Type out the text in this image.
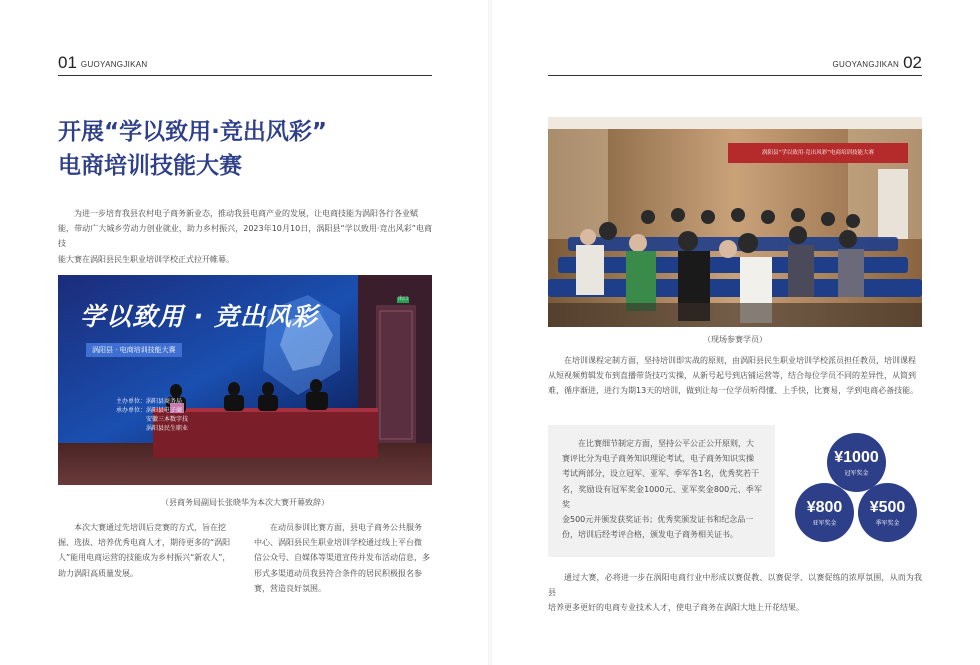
01 GUOYANGJIKAN	GUOYANGJIKAN 02
开展“学以致用·竞出风彩”
电商培训技能大赛
为进一步培育我县农村电子商务新业态，推动我县电商产业的发展，让电商技能为涡阳各行各业赋
能，带动广大城乡劳动力创业就业，助力乡村振兴，2023年10月10日，涡阳县“学以致用·竞出风彩”电商技
能大赛在涡阳县民生职业培训学校正式拉开帷幕。
学以致用 · 竞出风彩
涡阳县 · 电商培训技能大赛
主办单位：涡阳县商务局
承办单位：涡阳县电子商
安徽三本数字技
涡阳县民生职业
出口
（县商务局副局长张晓华为本次大赛开幕致辞）
本次大赛通过先培训后竞赛的方式，旨在挖
掘、选拔、培养优秀电商人才，期待更多的“涡阳
人”能用电商运营的技能成为乡村振兴“新农人”，
助力涡阳高质量发展。
在动员参训比赛方面，县电子商务公共服务
中心、涡阳县民生职业培训学校通过线上平台微
信公众号、自媒体等渠道宣传并发布活动信息，多
形式多渠道动员我县符合条件的居民积极报名参
赛，营造良好氛围。
涡阳县“学以致用·竞出风彩”电商培训技能大赛
（现场参赛学员）
在培训课程定制方面，坚持培训即实战的原则，由涡阳县民生职业培训学校派员担任教员，培训课程
从短视频剪辑发布到直播带货技巧实操，从新号起号到店铺运营等，结合每位学员不同的差异性，从简到
难，循序渐进，进行为期13天的培训，做到让每一位学员听得懂、上手快，比赛易，学到电商必备技能。
在比赛细节制定方面，坚持公平公正公开原则，大
赛评比分为电子商务知识理论考试，电子商务知识实操
考试两部分，设立冠军、亚军、季军各1名，优秀奖若干
名，奖励设有冠军奖金1000元、亚军奖金800元、季军奖
金500元并颁发获奖证书；优秀奖颁发证书和纪念品一
份，培训后经考评合格，颁发电子商务相关证书。
¥1000
冠军奖金
¥800
亚军奖金
¥500
季军奖金
通过大赛，必将进一步在涡阳电商行业中形成以赛促教、以赛促学、以赛促练的浓厚氛围，从而为我县
培养更多更好的电商专业技术人才，使电子商务在涡阳大地上开花结果。
